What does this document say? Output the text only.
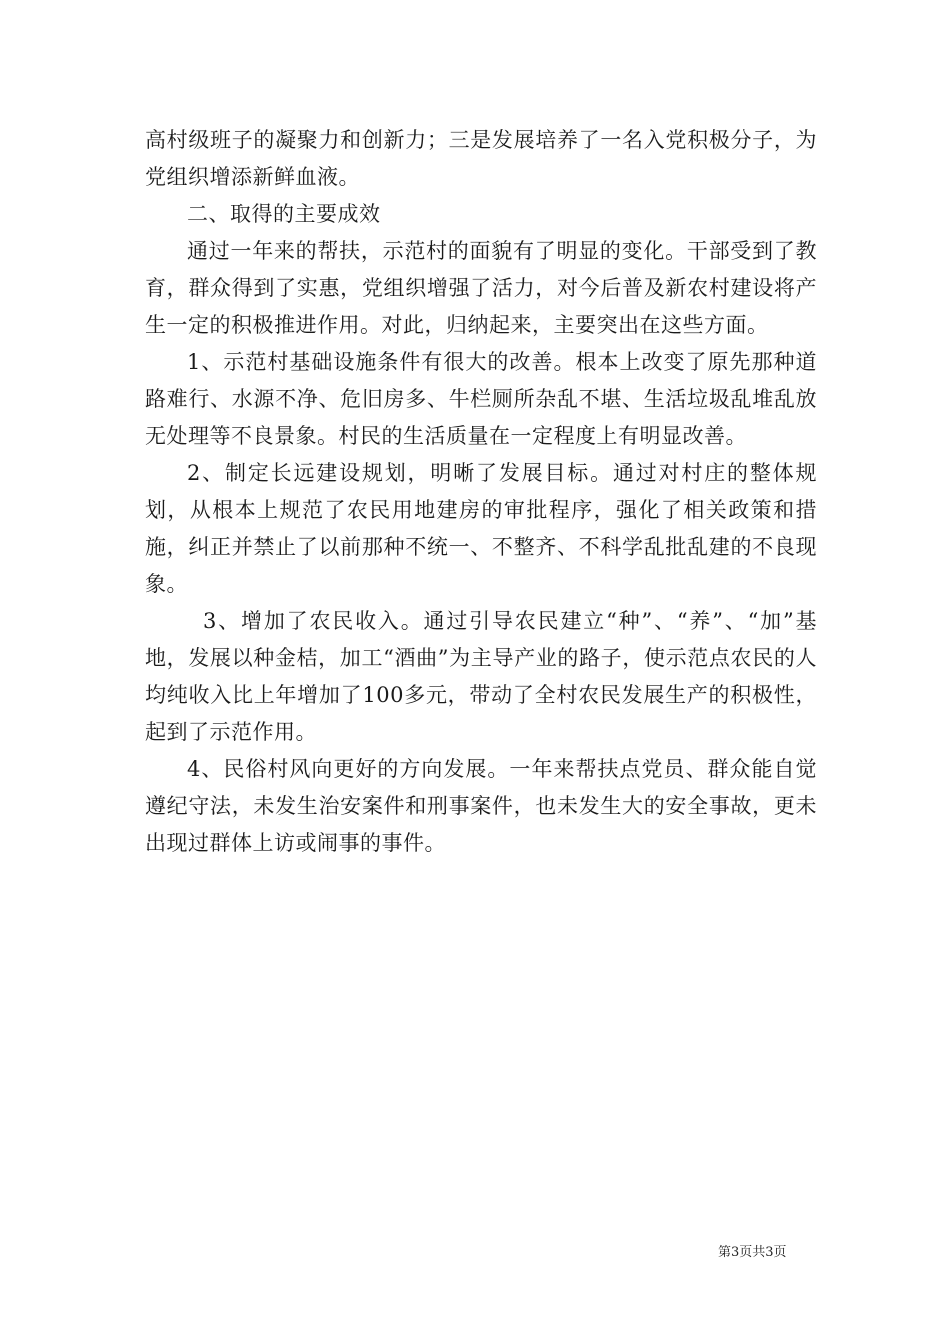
高村级班子的凝聚力和创新力；三是发展培养了一名入党积极分子，为党组织增添新鲜血液。

二、取得的主要成效

通过一年来的帮扶，示范村的面貌有了明显的变化。干部受到了教育，群众得到了实惠，党组织增强了活力，对今后普及新农村建设将产生一定的积极推进作用。对此，归纳起来，主要突出在这些方面。

1、示范村基础设施条件有很大的改善。根本上改变了原先那种道路难行、水源不净、危旧房多、牛栏厕所杂乱不堪、生活垃圾乱堆乱放无处理等不良景象。村民的生活质量在一定程度上有明显改善。

2、制定长远建设规划，明晰了发展目标。通过对村庄的整体规划，从根本上规范了农民用地建房的审批程序，强化了相关政策和措施，纠正并禁止了以前那种不统一、不整齐、不科学乱批乱建的不良现象。

3、增加了农民收入。通过引导农民建立“种”、“养”、“加”基地，发展以种金桔，加工“酒曲”为主导产业的路子，使示范点农民的人均纯收入比上年增加了100多元，带动了全村农民发展生产的积极性，起到了示范作用。

4、民俗村风向更好的方向发展。一年来帮扶点党员、群众能自觉遵纪守法，未发生治安案件和刑事案件，也未发生大的安全事故，更未出现过群体上访或闹事的事件。

第3页共3页
